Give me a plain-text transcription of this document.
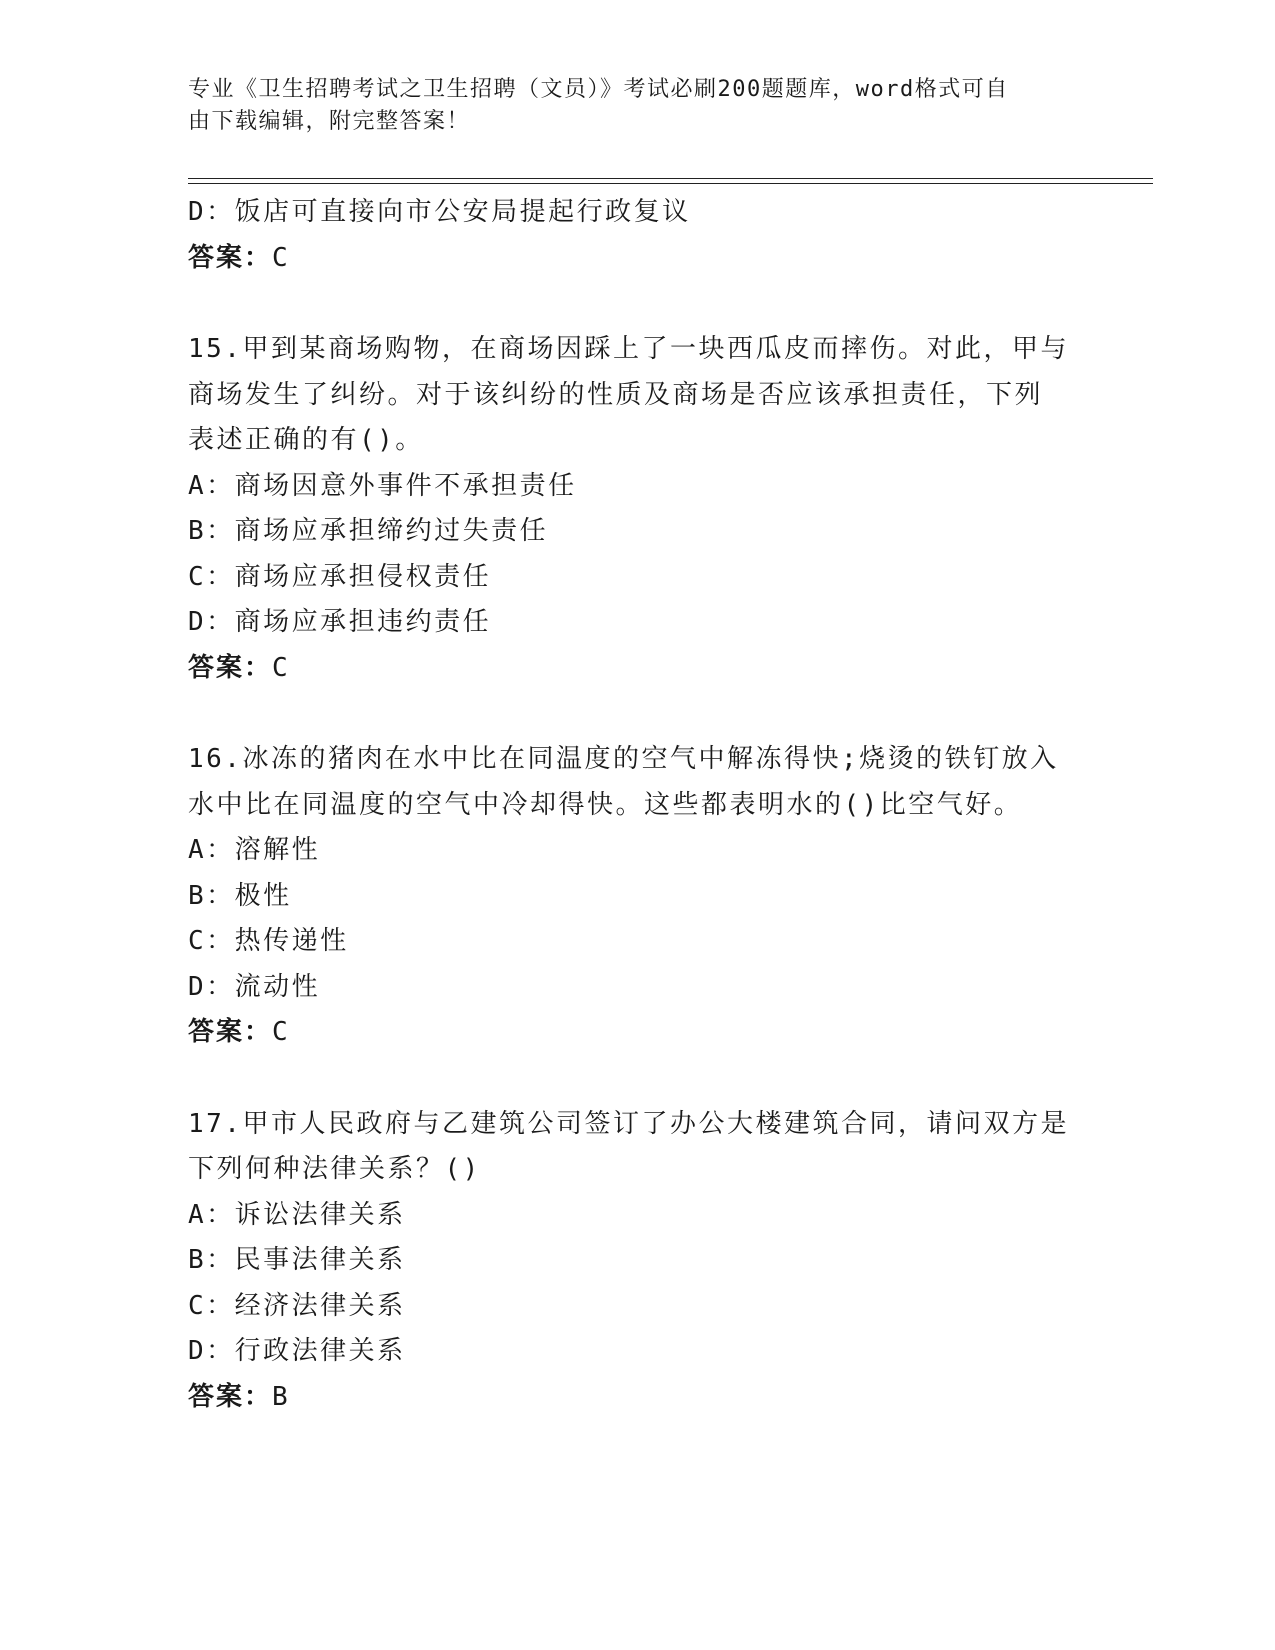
专业《卫生招聘考试之卫生招聘（文员）》考试必刷200题题库，word格式可自
由下载编辑，附完整答案！
D：饭店可直接向市公安局提起行政复议
答案：C
15.甲到某商场购物，在商场因踩上了一块西瓜皮而摔伤。对此，甲与
商场发生了纠纷。对于该纠纷的性质及商场是否应该承担责任，下列
表述正确的有()。
A：商场因意外事件不承担责任
B：商场应承担缔约过失责任
C：商场应承担侵权责任
D：商场应承担违约责任
答案：C
16.冰冻的猪肉在水中比在同温度的空气中解冻得快;烧烫的铁钉放入
水中比在同温度的空气中冷却得快。这些都表明水的()比空气好。
A：溶解性
B：极性
C：热传递性
D：流动性
答案：C
17.甲市人民政府与乙建筑公司签订了办公大楼建筑合同，请问双方是
下列何种法律关系？()
A：诉讼法律关系
B：民事法律关系
C：经济法律关系
D：行政法律关系
答案：B
